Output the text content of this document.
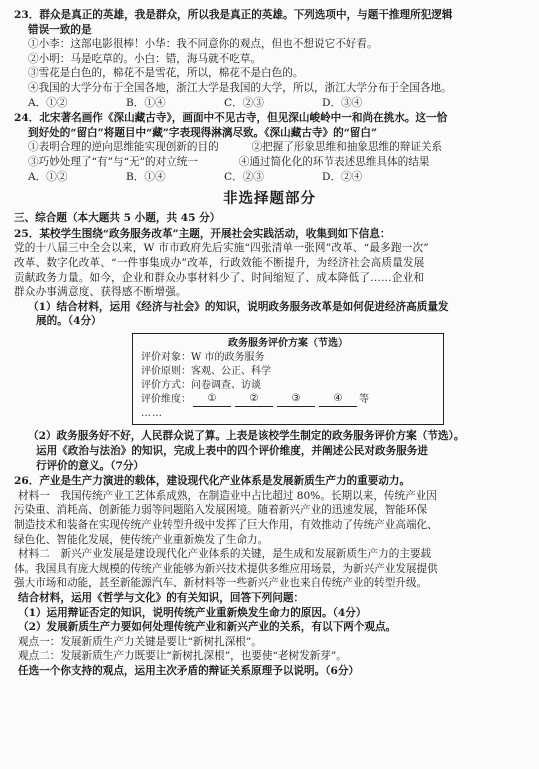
23．群众是真正的英雄，我是群众，所以我是真正的英雄。下列选项中，与题干推理所犯逻辑
错误一致的是
①小李：这部电影很棒！小华：我不同意你的观点，但也不想说它不好看。
②小明：马是吃草的。小白：错，海马就不吃草。
③雪花是白色的，棉花不是雪花，所以，棉花不是白色的。
④我国的大学分布于全国各地，浙江大学是我国的大学，所以，浙江大学分布于全国各地。
A．①②	B．①④	C．②③	D．③④
24．北宋著名画作《深山藏古寺》，画面中不见古寺，但见深山峻岭中一和尚在挑水。这一恰
到好处的“留白”将题目中“藏”字表现得淋漓尽致。《深山藏古寺》的“留白”
①表明合理的逆向思维能实现创新的目的	②把握了形象思维和抽象思维的辩证关系
③巧妙处理了“有”与“无”的对立统一	④通过简化化的环节表述思维具体的结果
A．①②	B．①④	C．②③	D．②④
非选择题部分
三、综合题（本大题共 5 小题，共 45 分）
25．某校学生围绕“政务服务改革”主题，开展社会实践活动，收集到如下信息：
党的十八届三中全会以来，W 市市政府先后实施“四张清单一张网”改革、“最多跑一次”
改革、数字化改革、“一件事集成办”改革，行政效能不断提升，为经济社会高质量发展
贡献政务力量。如今，企业和群众办事材料少了、时间缩短了、成本降低了……企业和
群众办事满意度、获得感不断增强。
（1）结合材料，运用《经济与社会》的知识，说明政务服务改革是如何促进经济高质量发
展的。（4分）
政务服务评价方案（节选）
评价对象：W 市的政务服务
评价原则：客观、公正、科学
评价方式：问卷调查、访谈
评价维度：	①	②	③	④	等
……
（2）政务服务好不好，人民群众说了算。上表是该校学生制定的政务服务评价方案（节选）。
运用《政治与法治》的知识，完成上表中的四个评价维度，并阐述公民对政务服务进
行评价的意义。（7分）
26．产业是生产力演进的载体，建设现代化产业体系是发展新质生产力的重要动力。
材料一　我国传统产业工艺体系成熟，在制造业中占比超过 80%。长期以来，传统产业因
污染重、消耗高、创新能力弱等问题陷入发展困境。随着新兴产业的迅速发展，智能环保
制造技术和装备在实现传统产业转型升级中发挥了巨大作用，有效推动了传统产业高端化、
绿色化、智能化发展，使传统产业重新焕发了生命力。
材料二　新兴产业发展是建设现代化产业体系的关键，是生成和发展新质生产力的主要载
体。我国具有庞大规模的传统产业能够为新兴技术提供多维应用场景，为新兴产业发展提供
强大市场和动能，甚至新能源汽车、新材料等一些新兴产业也来自传统产业的转型升级。
结合材料，运用《哲学与文化》的有关知识，回答下列问题：
（1）运用辩证否定的知识，说明传统产业重新焕发生命力的原因。（4分）
（2）发展新质生产力要如何处理传统产业和新兴产业的关系，有以下两个观点。
观点一：发展新质生产力关键是要让“新树扎深根”。
观点二：发展新质生产力既要让“新树扎深根”，也要使“老树发新芽”。
任选一个你支持的观点，运用主次矛盾的辩证关系原理予以说明。（6分）
